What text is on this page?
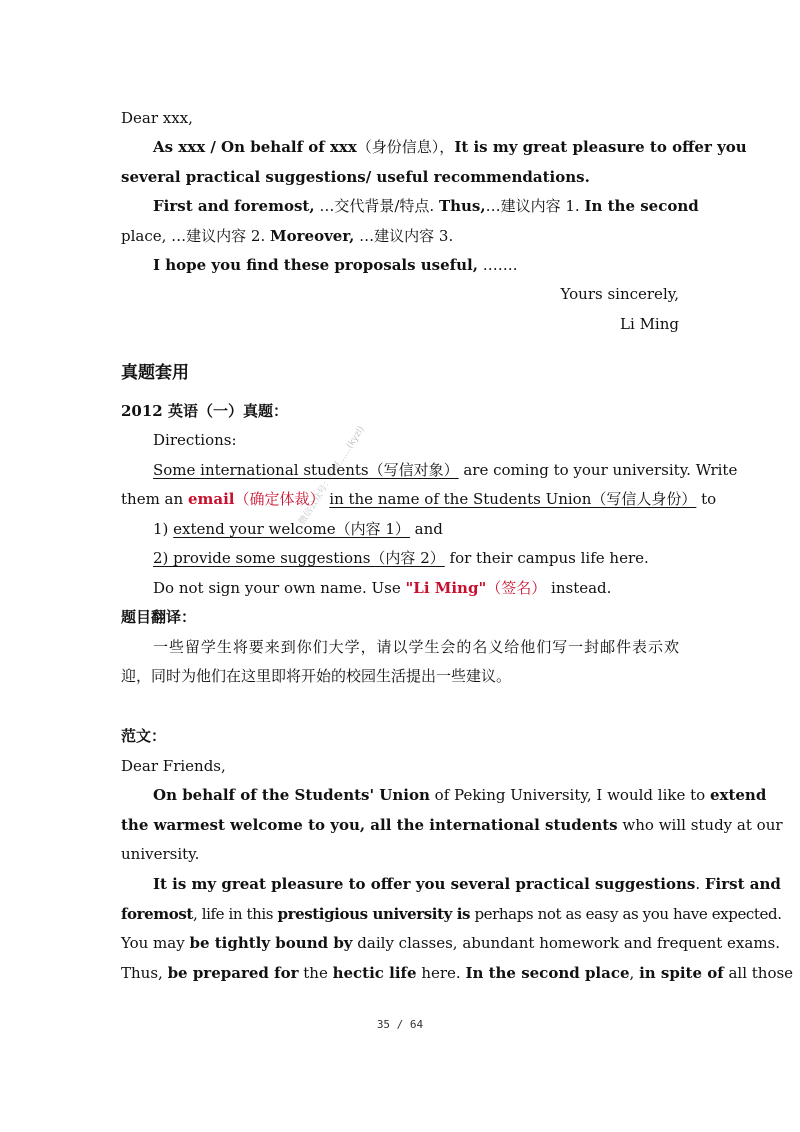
Dear xxx,
As xxx / On behalf of xxx（身份信息），It is my great pleasure to offer you
several practical suggestions/ useful recommendations.
First and foremost, …交代背景/特点. Thus,…建议内容 1. In the second
place, …建议内容 2. Moreover, …建议内容 3.
I hope you find these proposals useful, …….
Yours sincerely,
Li Ming
真题套用
2012 英语（一）真题：
Directions:
Some international students（写信对象） are coming to your university. Write
them an email（确定体裁） in the name of the Students Union（写信人身份） to
1) extend your welcome（内容 1） and
2) provide some suggestions（内容 2） for their campus life here.
Do not sign your own name. Use "Li Ming"（签名） instead.
题目翻译：
一些留学生将要来到你们大学，请以学生会的名义给他们写一封邮件表示欢
迎，同时为他们在这里即将开始的校园生活提出一些建议。
范文：
Dear Friends,
On behalf of the Students' Union of Peking University, I would like to extend
the warmest welcome to you, all the international students who will study at our
university.
It is my great pleasure to offer you several practical suggestions. First and
foremost, life in this prestigious university is perhaps not as easy as you have expected.
You may be tightly bound by daily classes, abundant homework and frequent exams.
Thus, be prepared for the hectic life here. In the second place, in spite of all those
微信公众号：考研……(kyzl)
35 / 64
